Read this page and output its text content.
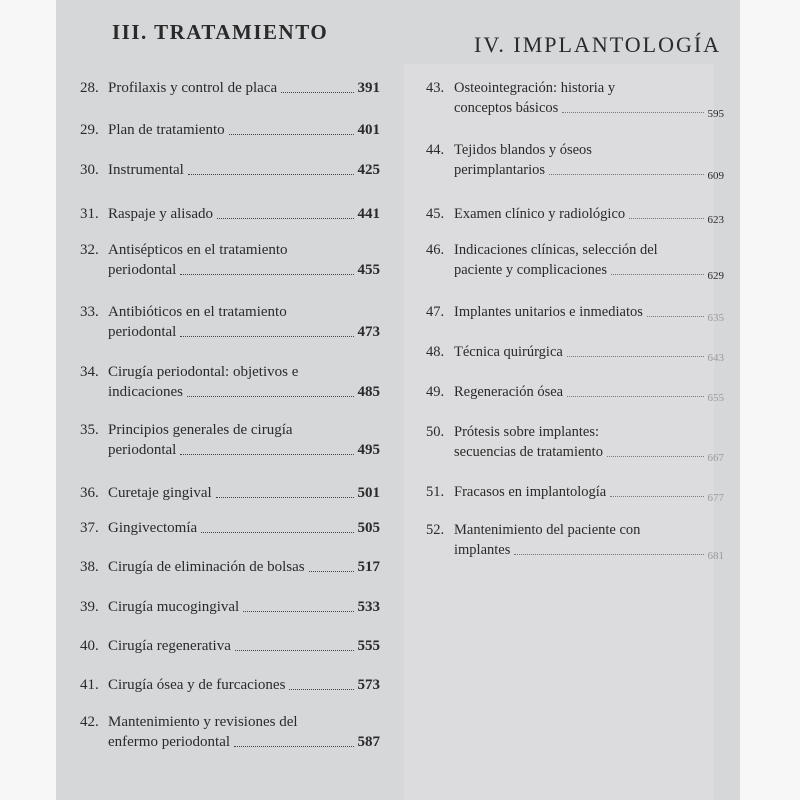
III. TRATAMIENTO
28. Profilaxis y control de placa	391
29. Plan de tratamiento	401
30. Instrumental	425
31. Raspaje y alisado	441
32. Antisépticos en el tratamiento
periodontal	455
33. Antibióticos en el tratamiento
periodontal	473
34. Cirugía periodontal: objetivos e
indicaciones	485
35. Principios generales de cirugía
periodontal	495
36. Curetaje gingival	501
37. Gingivectomía	505
38. Cirugía de eliminación de bolsas	517
39. Cirugía mucogingival	533
40. Cirugía regenerativa	555
41. Cirugía ósea y de furcaciones	573
42. Mantenimiento y revisiones del
enfermo periodontal	587
IV. IMPLANTOLOGÍA
43. Osteointegración: historia y
conceptos básicos	595
44. Tejidos blandos y óseos
perimplantarios	609
45. Examen clínico y radiológico	623
46. Indicaciones clínicas, selección del
paciente y complicaciones	629
47. Implantes unitarios e inmediatos	635
48. Técnica quirúrgica	643
49. Regeneración ósea	655
50. Prótesis sobre implantes:
secuencias de tratamiento	667
51. Fracasos en implantología	677
52. Mantenimiento del paciente con
implantes	681
